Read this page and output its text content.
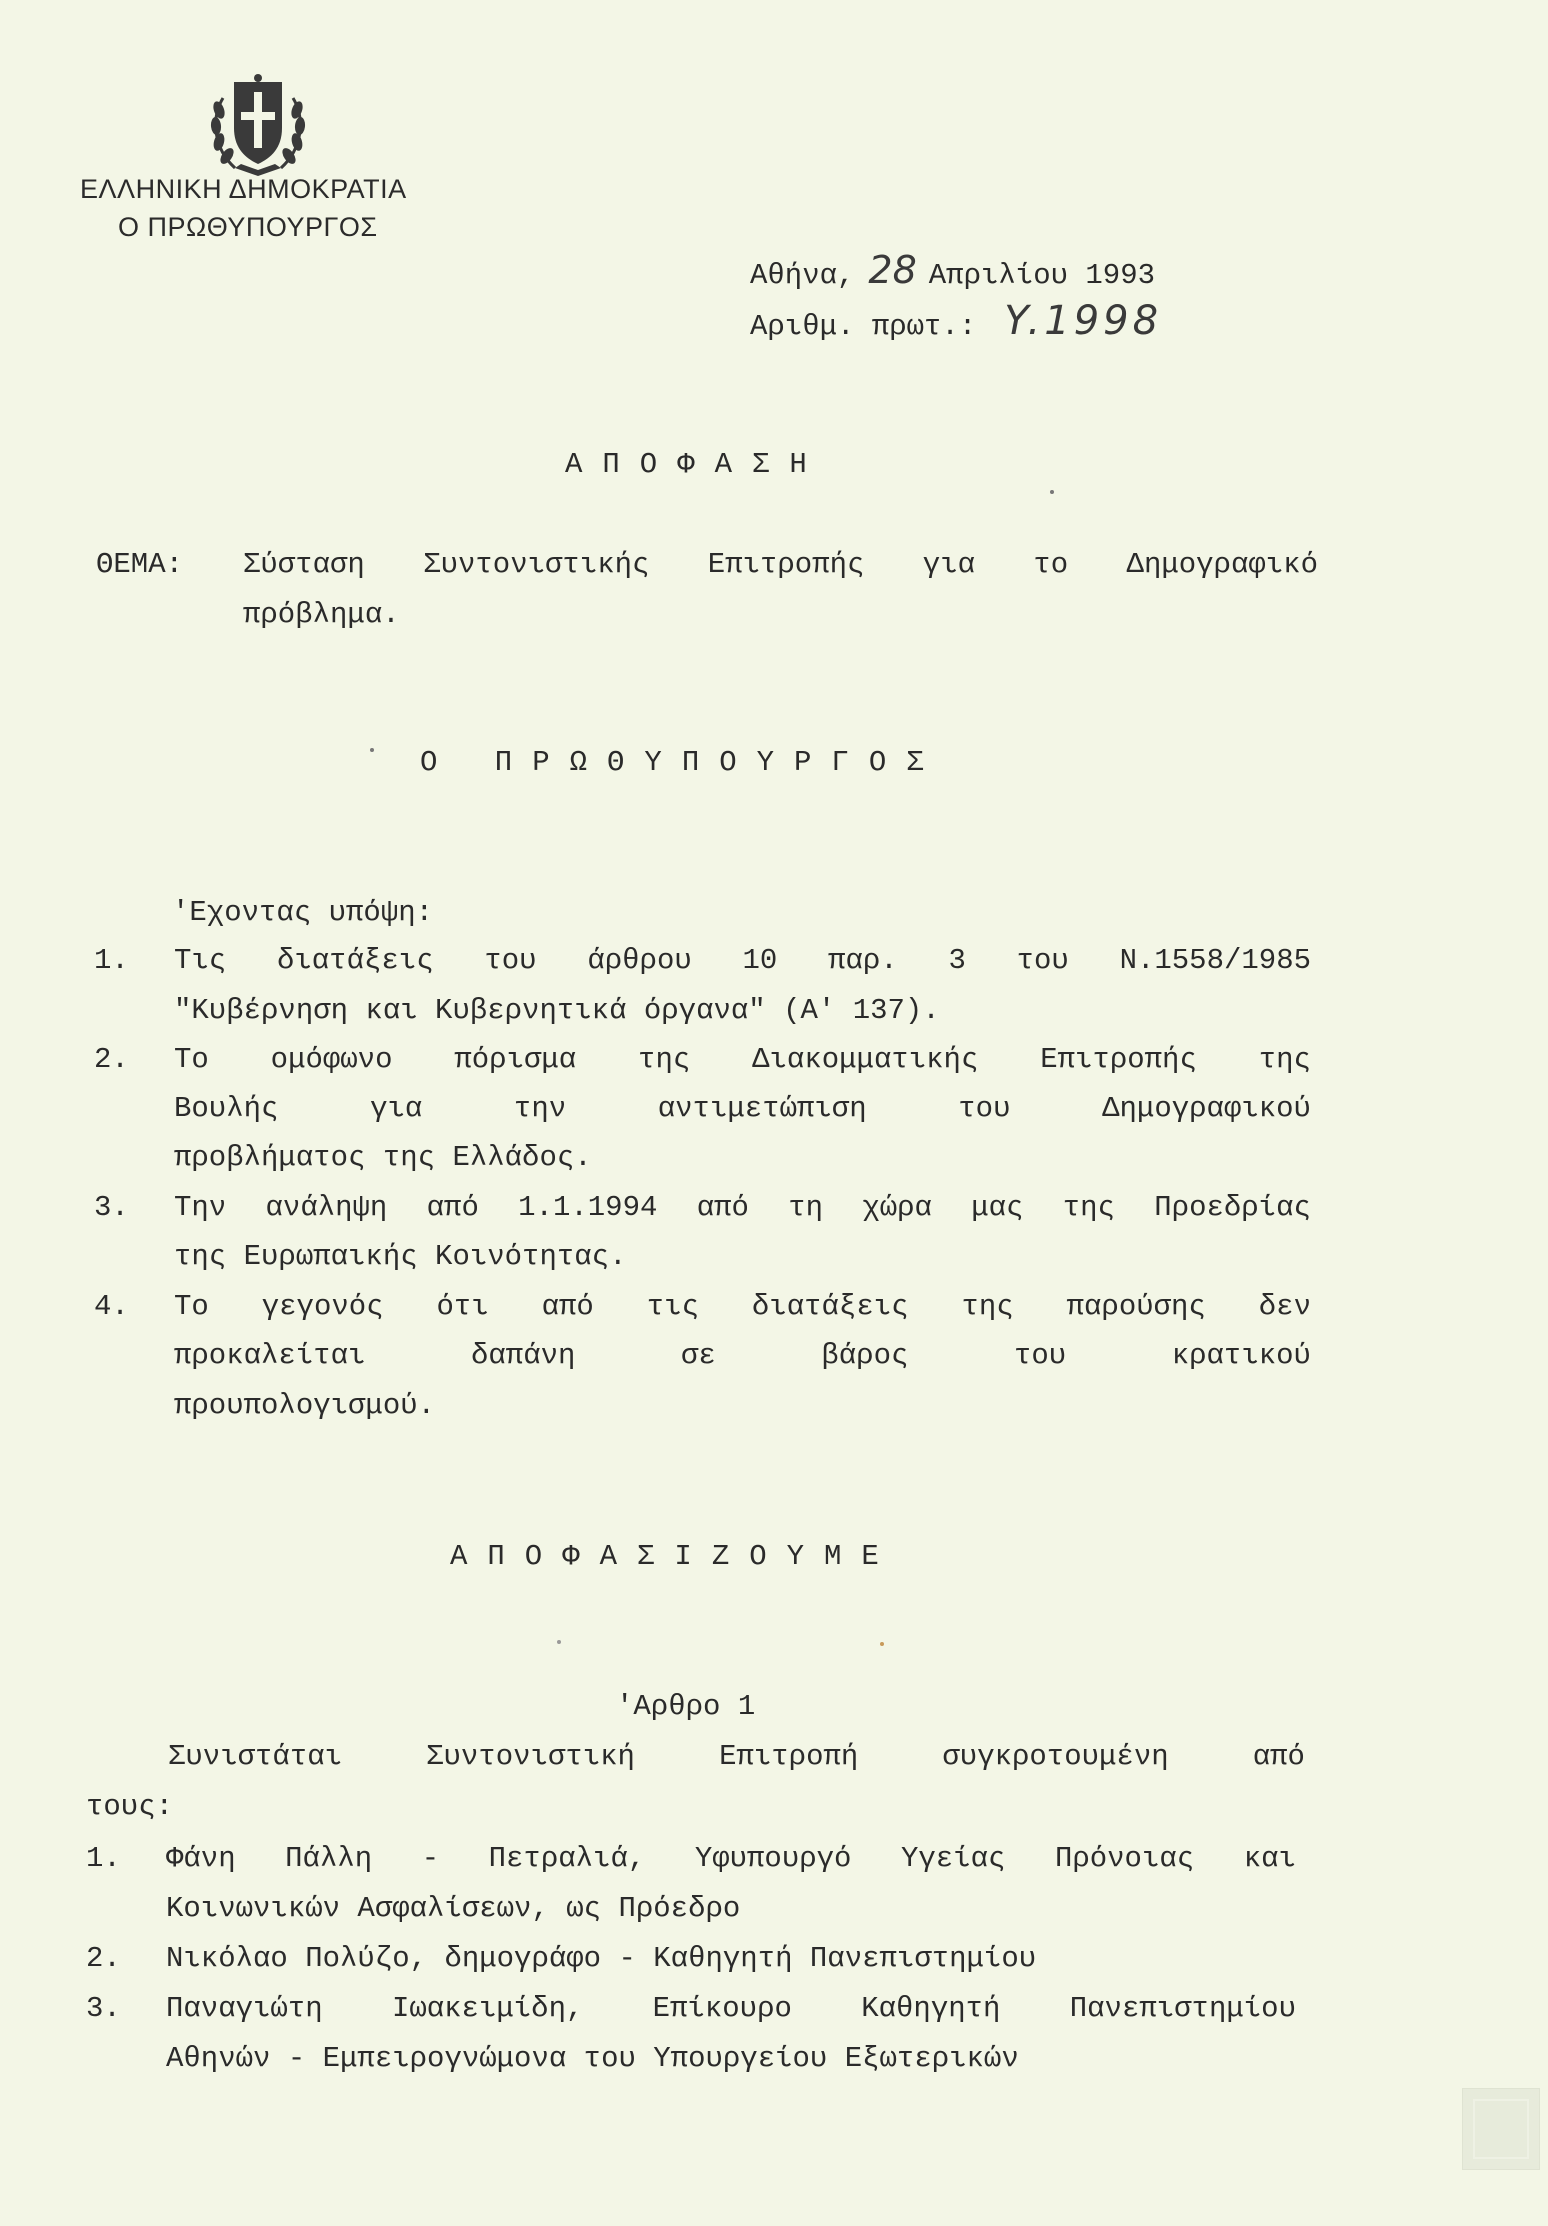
ΕΛΛΗΝΙΚΗ ΔΗΜΟΚΡΑΤΙΑ
Ο ΠΡΩΘΥΠΟΥΡΓΟΣ
Αθήνα, 28 Απριλίου 1993
Αριθμ. πρωτ.: Y.1998
ΑΠΟΦΑΣΗ
ΘΕΜΑ: Σύσταση Συντονιστικής Επιτροπής για το Δημογραφικό
πρόβλημα.
Ο ΠΡΩΘΥΠΟΥΡΓΟΣ
'Εχοντας υπόψη:
1. Τις διατάξεις του άρθρου 10 παρ. 3 του Ν.1558/1985
"Κυβέρνηση και Κυβερνητικά όργανα" (Α' 137).
2. Το ομόφωνο πόρισμα της Διακομματικής Επιτροπής της
Βουλής	για	την	αντιμετώπιση	του	Δημογραφικού
προβλήματος της Ελλάδος.
3. Την ανάληψη από 1.1.1994 από τη χώρα μας της Προεδρίας
της Ευρωπαικής Κοινότητας.
4. Το γεγονός ότι από τις διατάξεις της παρούσης δεν
προκαλείται	δαπάνη	σε	βάρος	του	κρατικού
προυπολογισμού.
ΑΠΟΦΑΣΙΖΟΥΜΕ
'Αρθρο 1
Συνιστάται	Συντονιστική	Επιτροπή	συγκροτουμένη	από
τους:
1. Φάνη Πάλλη - Πετραλιά, Υφυπουργό Υγείας Πρόνοιας και
Κοινωνικών Ασφαλίσεων, ως Πρόεδρο
2. Νικόλαο Πολύζο, δημογράφο - Καθηγητή Πανεπιστημίου
3. Παναγιώτη Ιωακειμίδη, Επίκουρο Καθηγητή Πανεπιστημίου
Αθηνών - Εμπειρογνώμονα του Υπουργείου Εξωτερικών
